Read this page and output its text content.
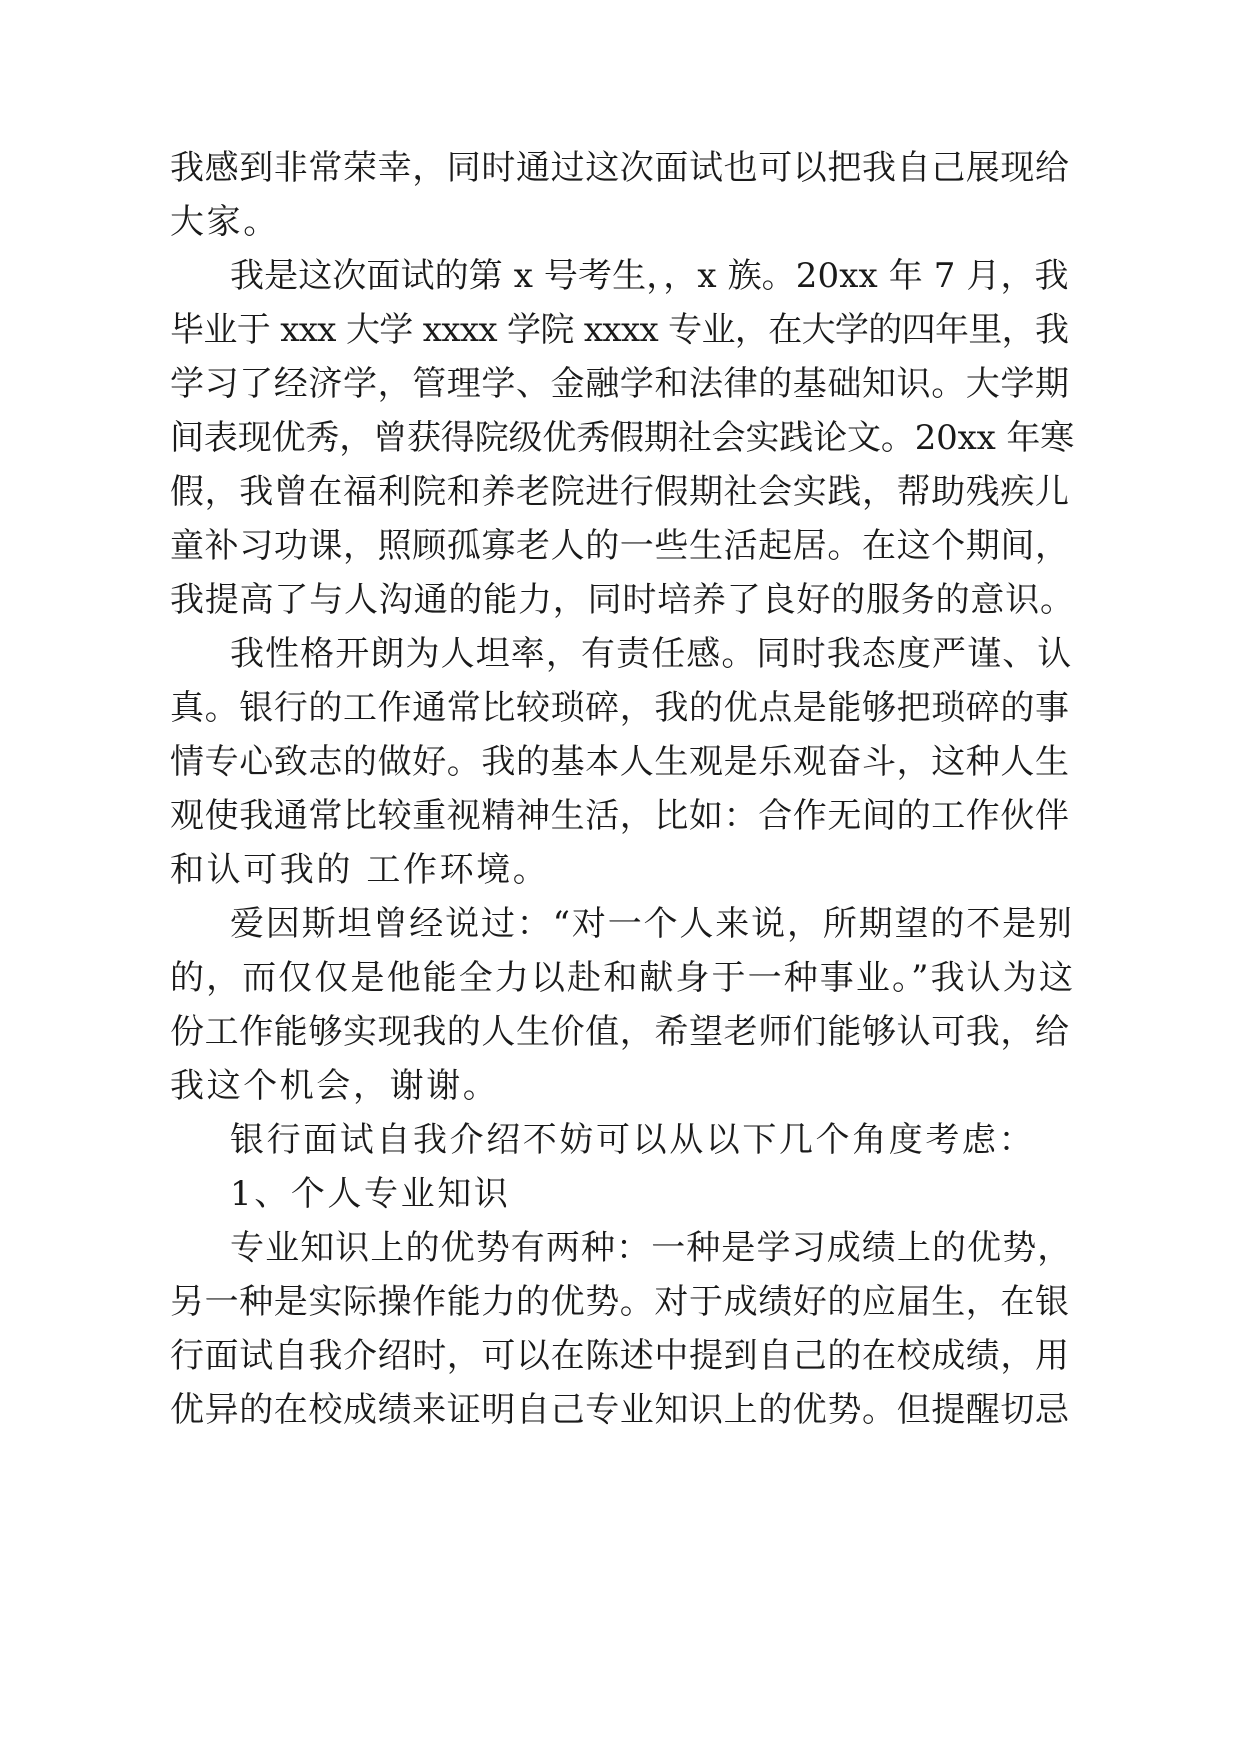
我感到非常荣幸，同时通过这次面试也可以把我自己展现给
大家。
我是这次面试的第 x 号考生，，x 族。20xx 年 7 月，我
毕业于 xxx 大学 xxxx 学院 xxxx 专业，在大学的四年里，我
学习了经济学，管理学、金融学和法律的基础知识。大学期
间表现优秀，曾获得院级优秀假期社会实践论文。20xx 年寒
假，我曾在福利院和养老院进行假期社会实践，帮助残疾儿
童补习功课，照顾孤寡老人的一些生活起居。在这个期间，
我提高了与人沟通的能力，同时培养了良好的服务的意识。
我性格开朗为人坦率，有责任感。同时我态度严谨、认
真。银行的工作通常比较琐碎，我的优点是能够把琐碎的事
情专心致志的做好。我的基本人生观是乐观奋斗，这种人生
观使我通常比较重视精神生活，比如：合作无间的工作伙伴
和认可我的 工作环境。
爱因斯坦曾经说过：“对一个人来说，所期望的不是别
的，而仅仅是他能全力以赴和献身于一种事业。”我认为这
份工作能够实现我的人生价值，希望老师们能够认可我，给
我这个机会，谢谢。
银行面试自我介绍不妨可以从以下几个角度考虑：
1、个人专业知识
专业知识上的优势有两种：一种是学习成绩上的优势，
另一种是实际操作能力的优势。对于成绩好的应届生，在银
行面试自我介绍时，可以在陈述中提到自己的在校成绩，用
优异的在校成绩来证明自己专业知识上的优势。但提醒切忌
